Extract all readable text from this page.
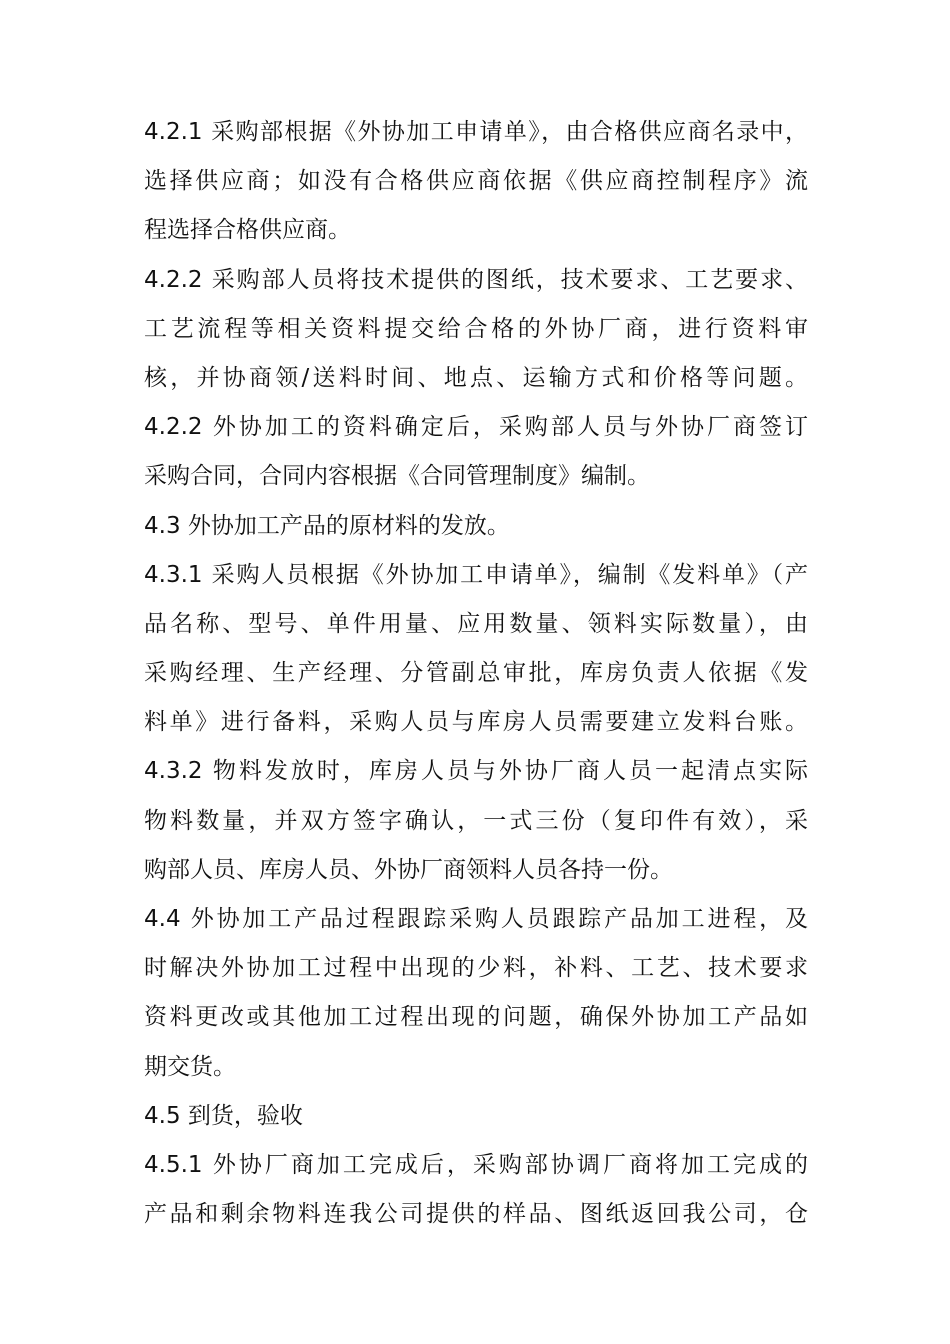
4.2.1 采购部根据《外协加工申请单》，由合格供应商名录中，
选择供应商；如没有合格供应商依据《供应商控制程序》流
程选择合格供应商。
4.2.2 采购部人员将技术提供的图纸，技术要求、工艺要求、
工艺流程等相关资料提交给合格的外协厂商，进行资料审
核，并协商领/送料时间、地点、运输方式和价格等问题。
4.2.2 外协加工的资料确定后，采购部人员与外协厂商签订
采购合同，合同内容根据《合同管理制度》编制。
4.3 外协加工产品的原材料的发放。
4.3.1 采购人员根据《外协加工申请单》，编制《发料单》（产
品名称、型号、单件用量、应用数量、领料实际数量），由
采购经理、生产经理、分管副总审批，库房负责人依据《发
料单》进行备料，采购人员与库房人员需要建立发料台账。
4.3.2 物料发放时，库房人员与外协厂商人员一起清点实际
物料数量，并双方签字确认，一式三份（复印件有效），采
购部人员、库房人员、外协厂商领料人员各持一份。
4.4 外协加工产品过程跟踪采购人员跟踪产品加工进程，及
时解决外协加工过程中出现的少料，补料、工艺、技术要求
资料更改或其他加工过程出现的问题，确保外协加工产品如
期交货。
4.5 到货，验收
4.5.1 外协厂商加工完成后，采购部协调厂商将加工完成的
产品和剩余物料连我公司提供的样品、图纸返回我公司，仓
